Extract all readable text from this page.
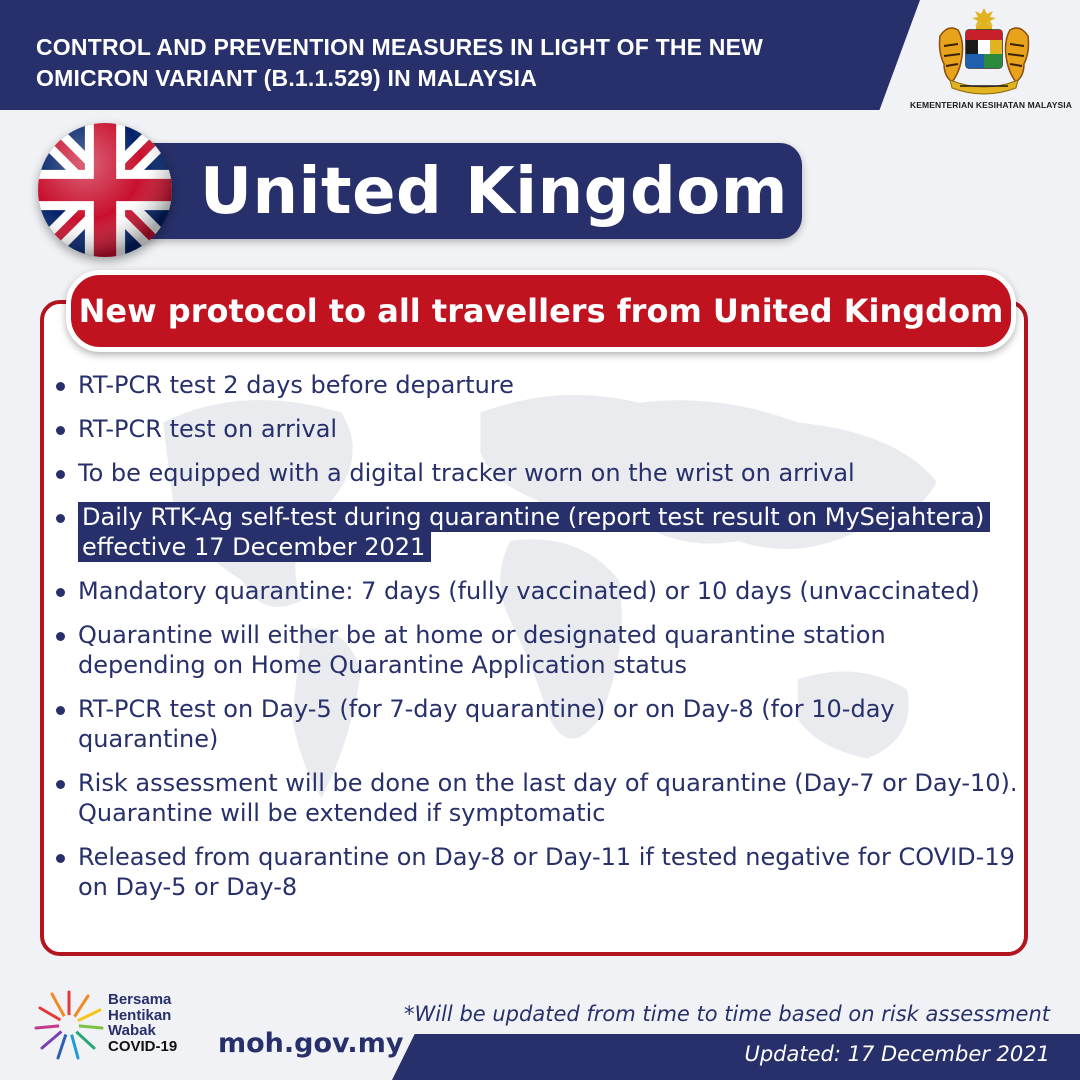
CONTROL AND PREVENTION MEASURES IN LIGHT OF THE NEW
OMICRON VARIANT (B.1.1.529) IN MALAYSIA
KEMENTERIAN KESIHATAN MALAYSIA
United Kingdom
New protocol to all travellers from United Kingdom
RT-PCR test 2 days before departure
RT-PCR test on arrival
To be equipped with a digital tracker worn on the wrist on arrival
Daily RTK-Ag self-test during quarantine (report test result on MySejahtera) effective 17 December 2021
Mandatory quarantine: 7 days (fully vaccinated) or 10 days (unvaccinated)
Quarantine will either be at home or designated quarantine station depending on Home Quarantine Application status
RT-PCR test on Day-5 (for 7-day quarantine) or on Day-8 (for 10-day quarantine)
Risk assessment will be done on the last day of quarantine (Day-7 or Day-10). Quarantine will be extended if symptomatic
Released from quarantine on Day-8 or Day-11 if tested negative for COVID-19 on Day-5 or Day-8
*Will be updated from time to time based on risk assessment
Updated: 17 December 2021
Bersama
Hentikan
Wabak
COVID-19	moh.gov.my
